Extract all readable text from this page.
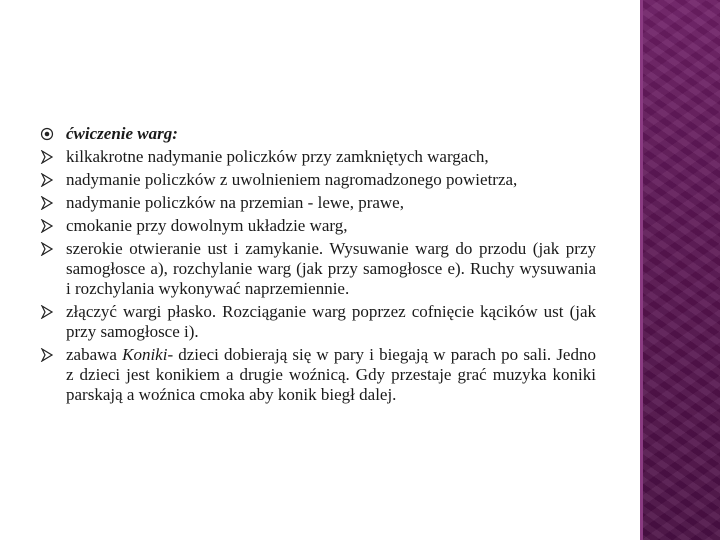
ćwiczenie warg:
kilkakrotne nadymanie policzków przy zamkniętych wargach,
nadymanie policzków z uwolnieniem nagromadzonego powietrza,
nadymanie policzków na przemian - lewe, prawe,
cmokanie przy dowolnym układzie warg,
szerokie otwieranie ust i zamykanie. Wysuwanie warg do przodu (jak przy samogłosce a), rozchylanie warg (jak przy samogłosce e). Ruchy wysuwania i rozchylania wykonywać naprzemiennie.
złączyć wargi płasko. Rozciąganie warg poprzez cofnięcie kącików ust (jak przy samogłosce i).
zabawa Koniki- dzieci dobierają się w pary i biegają w parach po sali. Jedno z dzieci jest konikiem a drugie woźnicą. Gdy przestaje grać muzyka koniki parskają a woźnica cmoka aby konik biegł dalej.
